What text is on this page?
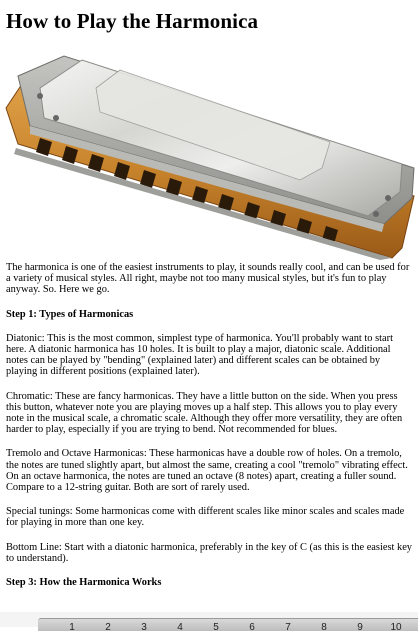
How to Play the Harmonica

The harmonica is one of the easiest instruments to play, it sounds really cool, and can be used for a variety of musical styles. All right, maybe not too many musical styles, but it's fun to play anyway. So. Here we go.

Step 1: Types of Harmonicas

Diatonic: This is the most common, simplest type of harmonica. You'll probably want to start here. A diatonic harmonica has 10 holes. It is built to play a major, diatonic scale. Additional notes can be played by "bending" (explained later) and different scales can be obtained by playing in different positions (explained later).

Chromatic: These are fancy harmonicas. They have a little button on the side. When you press this button, whatever note you are playing moves up a half step. This allows you to play every note in the musical scale, a chromatic scale. Although they offer more versatility, they are often harder to play, especially if you are trying to bend. Not recommended for blues.

Tremolo and Octave Harmonicas: These harmonicas have a double row of holes. On a tremolo, the notes are tuned slightly apart, but almost the same, creating a cool "tremolo" vibrating effect. On an octave harmonica, the notes are tuned an octave (8 notes) apart, creating a fuller sound. Compare to a 12-string guitar. Both are sort of rarely used.

Special tunings: Some harmonicas come with different scales like minor scales and scales made for playing in more than one key.

Bottom Line: Start with a diatonic harmonica, preferably in the key of C (as this is the easiest key to understand).

Step 3: How the Harmonica Works

1	2	3	4	5	6	7	8	9	10
